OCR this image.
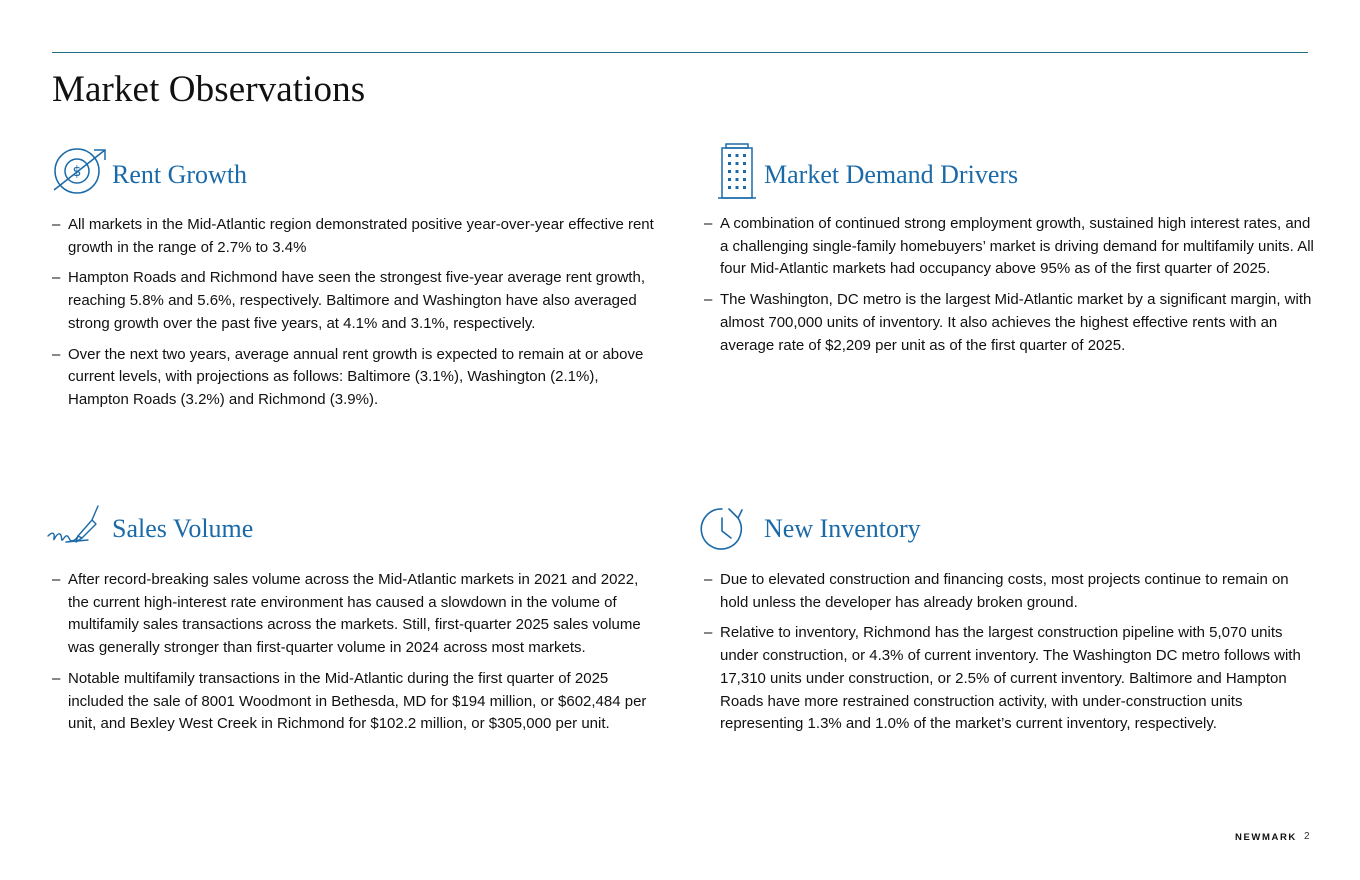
Market Observations
$ Rent Growth
– All markets in the Mid-Atlantic region demonstrated positive year-over-year effective rent growth in the range of 2.7% to 3.4%
– Hampton Roads and Richmond have seen the strongest five-year average rent growth, reaching 5.8% and 5.6%, respectively. Baltimore and Washington have also averaged strong growth over the past five years, at 4.1% and 3.1%, respectively.
– Over the next two years, average annual rent growth is expected to remain at or above current levels, with projections as follows: Baltimore (3.1%), Washington (2.1%), Hampton Roads (3.2%) and Richmond (3.9%).
Market Demand Drivers
– A combination of continued strong employment growth, sustained high interest rates, and a challenging single-family homebuyers’ market is driving demand for multifamily units. All four Mid-Atlantic markets had occupancy above 95% as of the first quarter of 2025.
– The Washington, DC metro is the largest Mid-Atlantic market by a significant margin, with almost 700,000 units of inventory. It also achieves the highest effective rents with an average rate of $2,209 per unit as of the first quarter of 2025.
Sales Volume
– After record-breaking sales volume across the Mid-Atlantic markets in 2021 and 2022, the current high-interest rate environment has caused a slowdown in the volume of multifamily sales transactions across the markets. Still, first-quarter 2025 sales volume was generally stronger than first-quarter volume in 2024 across most markets.
– Notable multifamily transactions in the Mid-Atlantic during the first quarter of 2025 included the sale of 8001 Woodmont in Bethesda, MD for $194 million, or $602,484 per unit, and Bexley West Creek in Richmond for $102.2 million, or $305,000 per unit.
New Inventory
– Due to elevated construction and financing costs, most projects continue to remain on hold unless the developer has already broken ground.
– Relative to inventory, Richmond has the largest construction pipeline with 5,070 units under construction, or 4.3% of current inventory. The Washington DC metro follows with 17,310 units under construction, or 2.5% of current inventory. Baltimore and Hampton Roads have more restrained construction activity, with under-construction units representing 1.3% and 1.0% of the market’s current inventory, respectively.
NEWMARK 2
